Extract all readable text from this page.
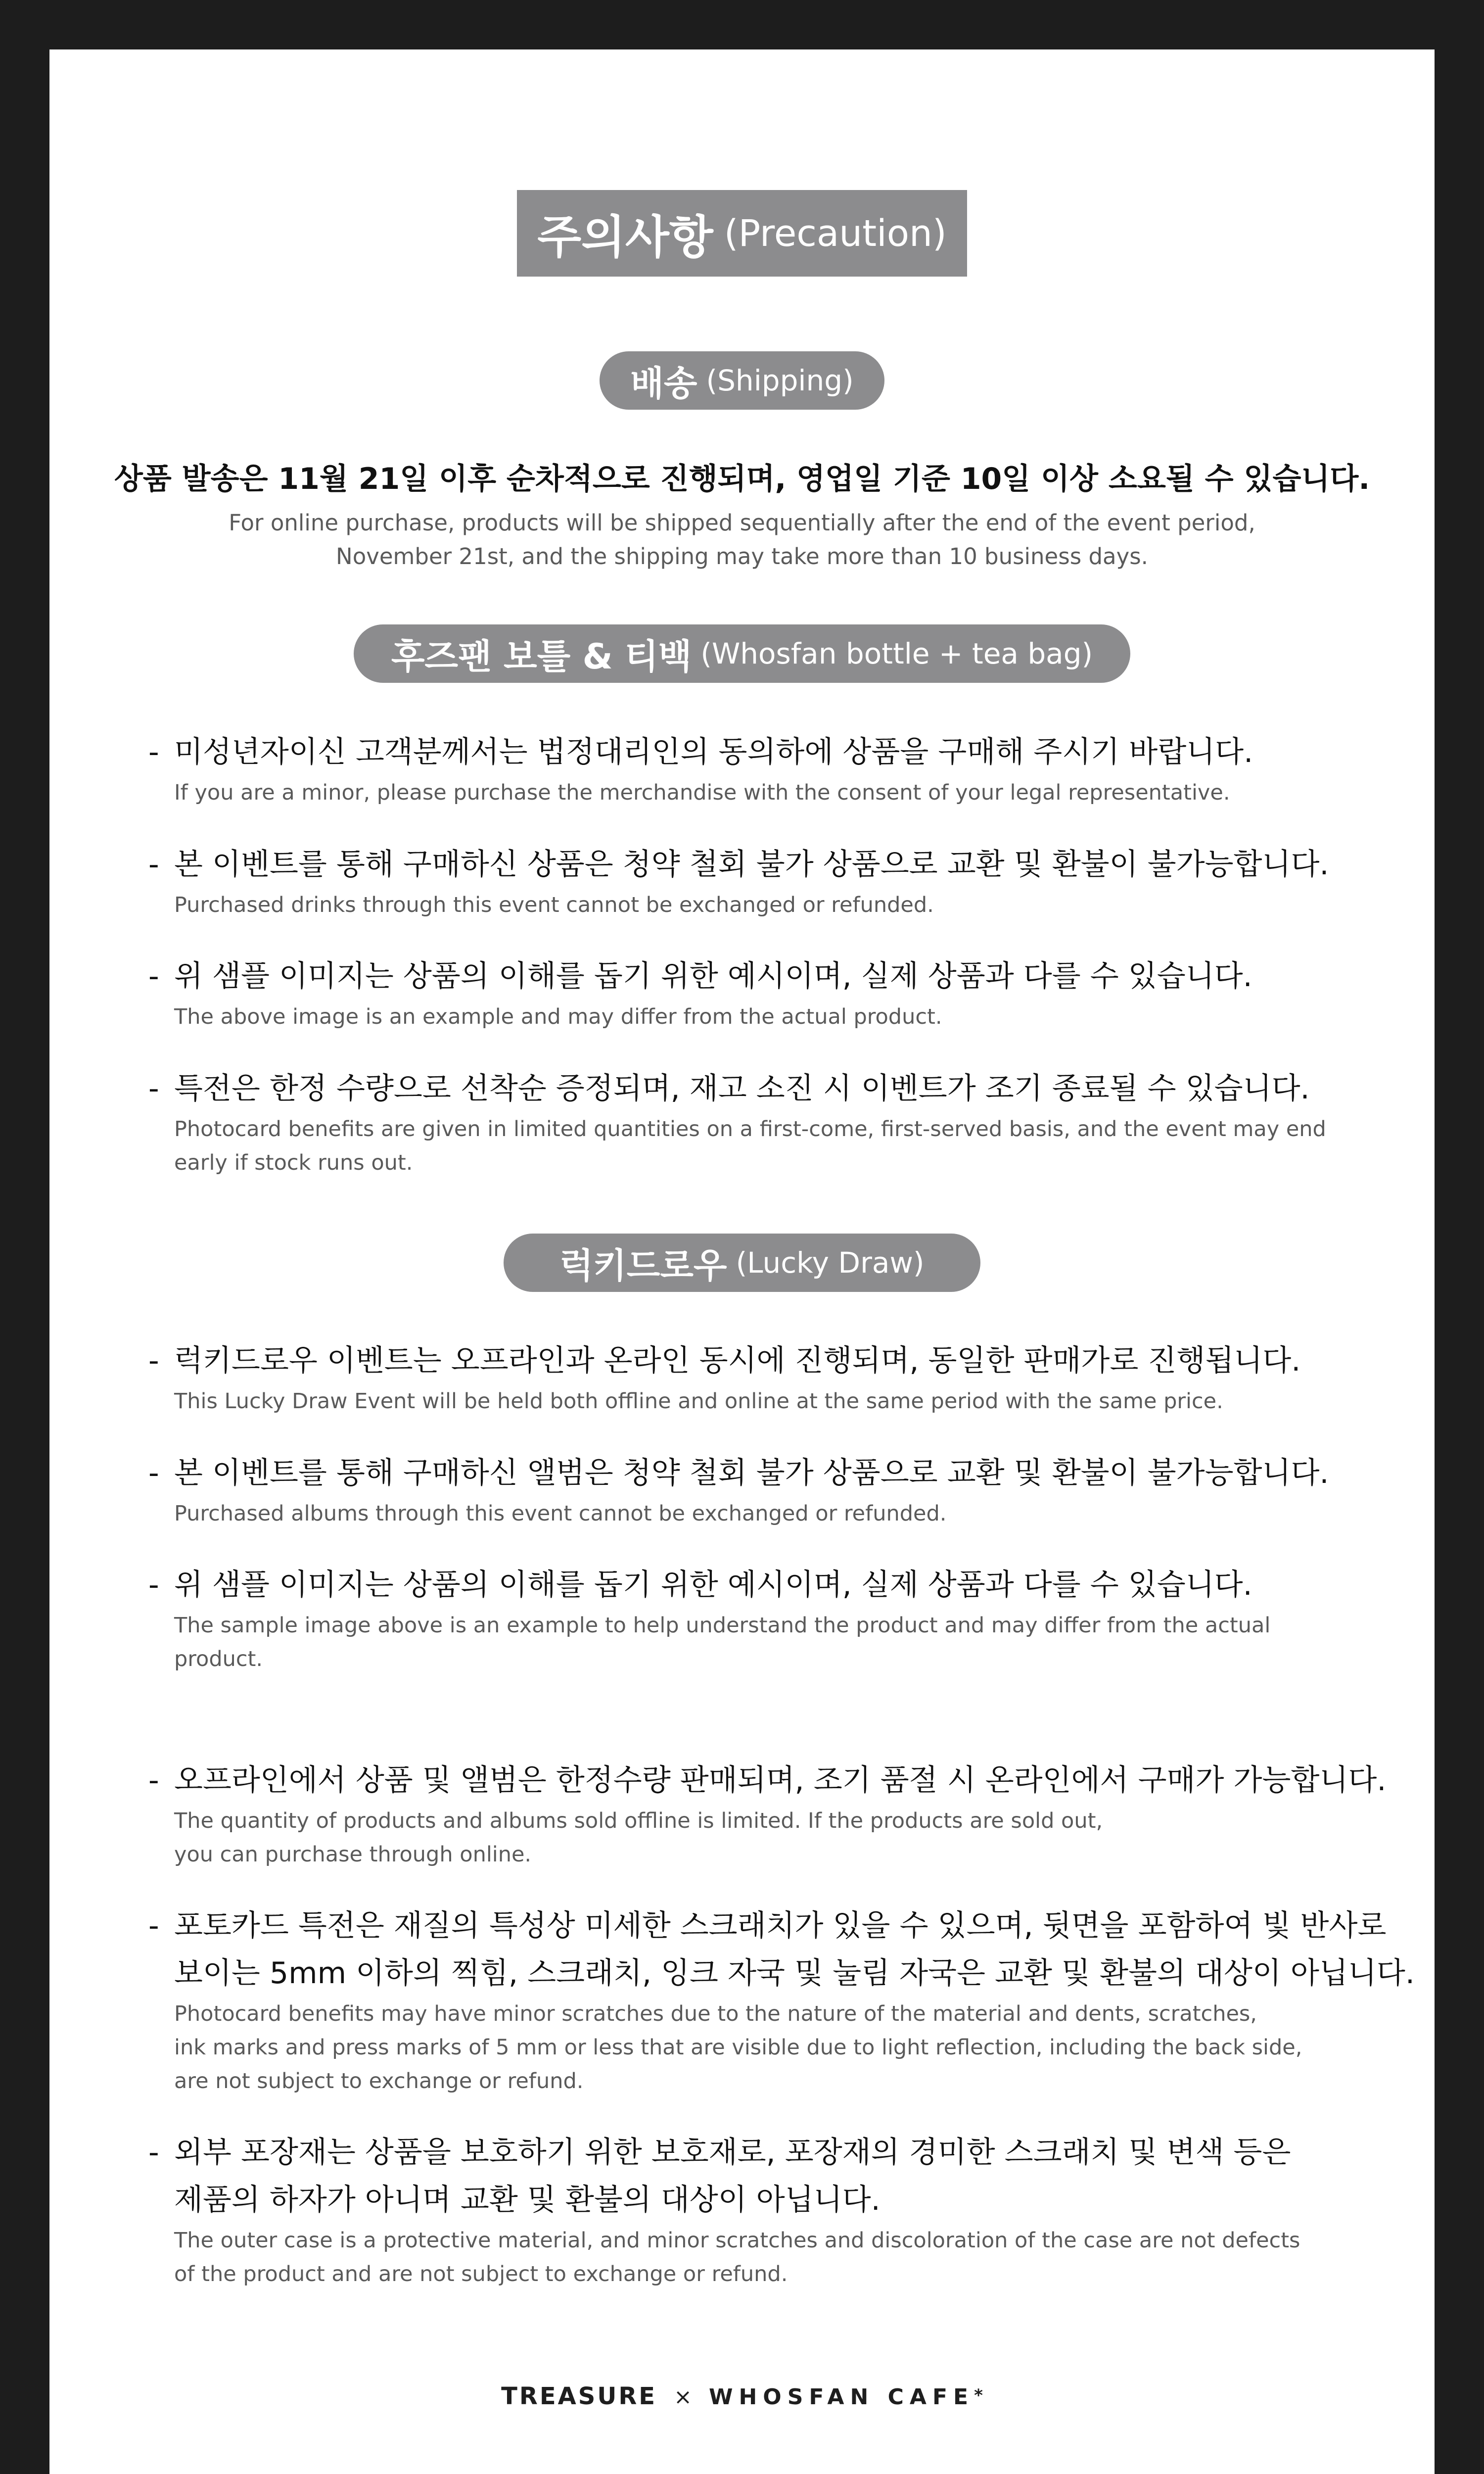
주의사항 (Precaution)
배송 (Shipping)
상품 발송은 11월 21일 이후 순차적으로 진행되며, 영업일 기준 10일 이상 소요될 수 있습니다.
For online purchase, products will be shipped sequentially after the end of the event period,
November 21st, and the shipping may take more than 10 business days.
후즈팬 보틀 & 티백 (Whosfan bottle + tea bag)
- 미성년자이신 고객분께서는 법정대리인의 동의하에 상품을 구매해 주시기 바랍니다.
If you are a minor, please purchase the merchandise with the consent of your legal representative.
- 본 이벤트를 통해 구매하신 상품은 청약 철회 불가 상품으로 교환 및 환불이 불가능합니다.
Purchased drinks through this event cannot be exchanged or refunded.
- 위 샘플 이미지는 상품의 이해를 돕기 위한 예시이며, 실제 상품과 다를 수 있습니다.
The above image is an example and may differ from the actual product.
- 특전은 한정 수량으로 선착순 증정되며, 재고 소진 시 이벤트가 조기 종료될 수 있습니다.
Photocard benefits are given in limited quantities on a first-come, first-served basis, and the event may end
early if stock runs out.
럭키드로우 (Lucky Draw)
- 럭키드로우 이벤트는 오프라인과 온라인 동시에 진행되며, 동일한 판매가로 진행됩니다.
This Lucky Draw Event will be held both offline and online at the same period with the same price.
- 본 이벤트를 통해 구매하신 앨범은 청약 철회 불가 상품으로 교환 및 환불이 불가능합니다.
Purchased albums through this event cannot be exchanged or refunded.
- 위 샘플 이미지는 상품의 이해를 돕기 위한 예시이며, 실제 상품과 다를 수 있습니다.
The sample image above is an example to help understand the product and may differ from the actual
product.
- 오프라인에서 상품 및 앨범은 한정수량 판매되며, 조기 품절 시 온라인에서 구매가 가능합니다.
The quantity of products and albums sold offline is limited. If the products are sold out,
you can purchase through online.
- 포토카드 특전은 재질의 특성상 미세한 스크래치가 있을 수 있으며, 뒷면을 포함하여 빛 반사로
보이는 5mm 이하의 찍힘, 스크래치, 잉크 자국 및 눌림 자국은 교환 및 환불의 대상이 아닙니다.
Photocard benefits may have minor scratches due to the nature of the material and dents, scratches,
ink marks and press marks of 5 mm or less that are visible due to light reflection, including the back side,
are not subject to exchange or refund.
- 외부 포장재는 상품을 보호하기 위한 보호재로, 포장재의 경미한 스크래치 및 변색 등은
제품의 하자가 아니며 교환 및 환불의 대상이 아닙니다.
The outer case is a protective material, and minor scratches and discoloration of the case are not defects
of the product and are not subject to exchange or refund.
TREASURE × WHOSFAN CAFE*
